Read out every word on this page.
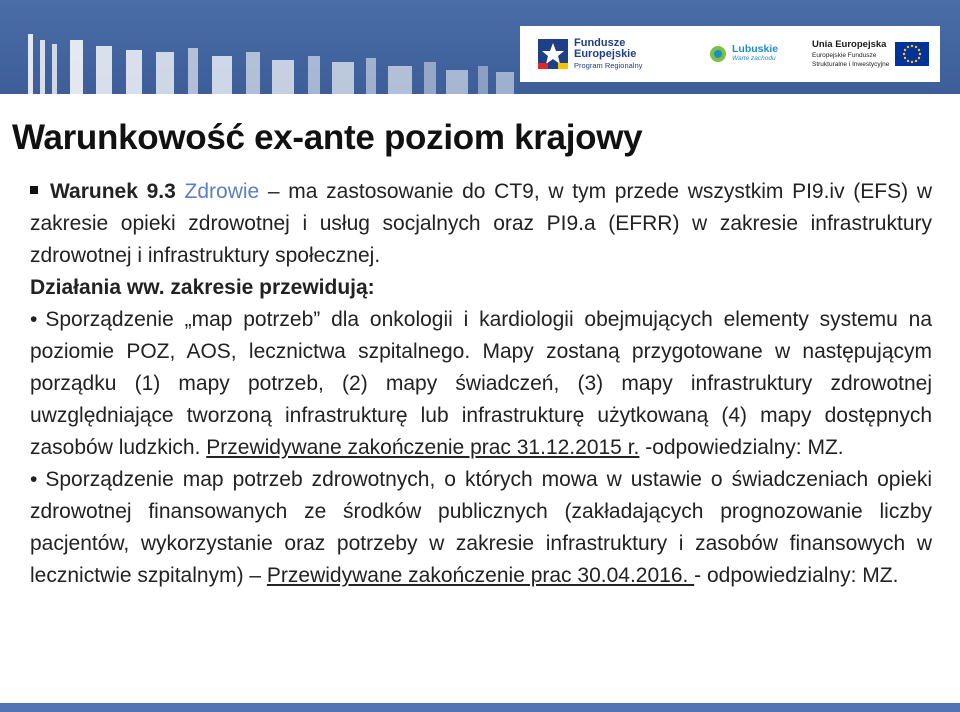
Fundusze
Europejskie
Program Regionalny
Lubuskie
Warte zachodu
Unia Europejska
Europejskie Fundusze
Strukturalne i Inwestycyjne
Warunkowość ex-ante poziom krajowy

Warunek 9.3 Zdrowie – ma zastosowanie do CT9, w tym przede wszystkim PI9.iv (EFS) w zakresie opieki zdrowotnej i usług socjalnych oraz PI9.a (EFRR) w zakresie infrastruktury zdrowotnej i infrastruktury społecznej.

Działania ww. zakresie przewidują:

• Sporządzenie „map potrzeb” dla onkologii i kardiologii obejmujących elementy systemu na poziomie POZ, AOS, lecznictwa szpitalnego. Mapy zostaną przygotowane w następującym porządku (1) mapy potrzeb, (2) mapy świadczeń, (3) mapy infrastruktury zdrowotnej uwzględniające tworzoną infrastrukturę lub infrastrukturę użytkowaną (4) mapy dostępnych zasobów ludzkich. Przewidywane zakończenie prac 31.12.2015 r. -odpowiedzialny: MZ.

• Sporządzenie map potrzeb zdrowotnych, o których mowa w ustawie o świadczeniach opieki zdrowotnej finansowanych ze środków publicznych (zakładających prognozowanie liczby pacjentów, wykorzystanie oraz potrzeby w zakresie infrastruktury i zasobów finansowych w lecznictwie szpitalnym) – Przewidywane zakończenie prac 30.04.2016. - odpowiedzialny: MZ.
